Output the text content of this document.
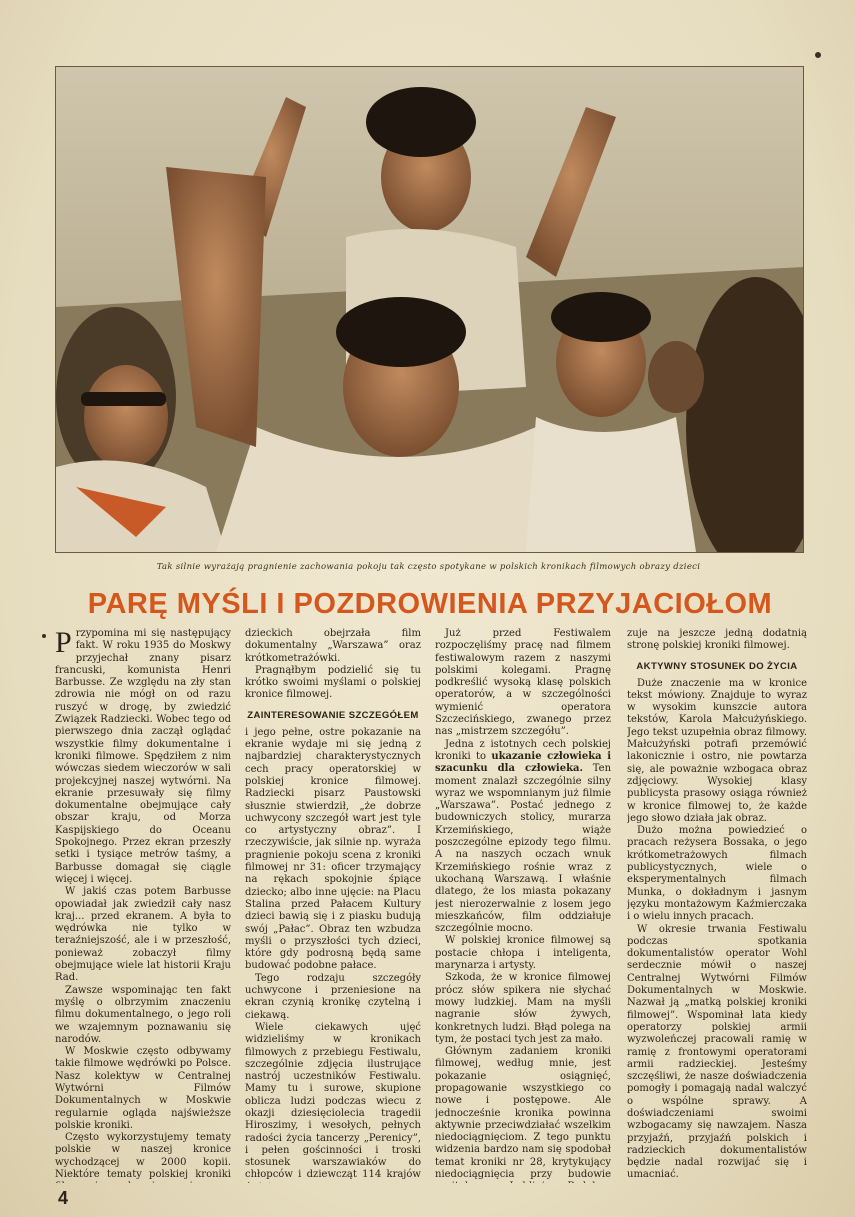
Tak silnie wyrażają pragnienie zachowania pokoju tak często spotykane w polskich kronikach filmowych obrazy dzieci
PARĘ MYŚLI I POZDROWIENIA PRZYJACIOŁOM

Przypomina mi się następujący fakt. W roku 1935 do Moskwy przyjechał znany pisarz francuski, komunista Henri Barbusse. Ze względu na zły stan zdrowia nie mógł on od razu ruszyć w drogę, by zwiedzić Związek Radziecki. Wobec tego od pierwszego dnia zaczął oglądać wszystkie filmy dokumentalne i kroniki filmowe. Spędziłem z nim wówczas siedem wieczorów w sali projekcyjnej naszej wytwórni. Na ekranie przesuwały się filmy dokumentalne obejmujące cały obszar kraju, od Morza Kaspijskiego do Oceanu Spokojnego. Przez ekran przeszły setki i tysiące metrów taśmy, a Barbusse domagał się ciągle więcej i więcej.

W jakiś czas potem Barbusse opowiadał jak zwiedził cały nasz kraj... przed ekranem. A była to wędrówka nie tylko w teraźniejszość, ale i w przeszłość, ponieważ zobaczył filmy obejmujące wiele lat historii Kraju Rad.

Zawsze wspominając ten fakt myślę o olbrzymim znaczeniu filmu dokumentalnego, o jego roli we wzajemnym poznawaniu się narodów.

W Moskwie często odbywamy takie filmowe wędrówki po Polsce. Nasz kolektyw w Centralnej Wytwórni Filmów Dokumentalnych w Moskwie regularnie ogląda najświeższe polskie kroniki.

Często wykorzystujemy tematy polskie w naszej kronice wychodzącej w 2000 kopii. Niektóre tematy polskiej kroniki

dzieckich obejrzała film dokumentalny „Warszawa” oraz krótkometrażówki.

Pragnąłbym podzielić się tu krótko swoimi myślami o polskiej kronice filmowej.

ZAINTERESOWANIE SZCZEGÓŁEM

i jego pełne, ostre pokazanie na ekranie wydaje mi się jedną z najbardziej charakterystycznych cech pracy operatorskiej w polskiej kronice filmowej. Radziecki pisarz Paustowski słusznie stwierdził, „że dobrze uchwycony szczegół wart jest tyle co artystyczny obraz”. I rzeczywiście, jak silnie np. wyraża pragnienie pokoju scena z kroniki filmowej nr 31: oficer trzymający na rękach spokojnie śpiące dziecko; albo inne ujęcie: na Placu Stalina przed Pałacem Kultury dzieci bawią się i z piasku budują swój „Pałac”. Obraz ten wzbudza myśli o przyszłości tych dzieci, które gdy podrosną będą same budować podobne pałace.

Tego rodzaju szczegóły uchwycone i przeniesione na ekran czynią kronikę czytelną i ciekawą.

Wiele ciekawych ujęć widzieliśmy w kronikach filmowych z przebiegu Festiwalu, szczególnie zdjęcia ilustrujące nastrój uczestników Festiwalu. Mamy tu i surowe, skupione oblicza ludzi podczas wiecu z okazji dziesięciolecia tragedii Hiroszimy, i wesołych, pełnych radości życia tancerzy „Perenicy”, i pełen gościnności i troski stosunek warszawiaków do chłopców i dziewcząt 114 krajów

Już przed Festiwalem rozpoczęliśmy pracę nad filmem festiwalowym razem z naszymi polskimi kolegami. Pragnę podkreślić wysoką klasę polskich operatorów, a w szczególności wymienić operatora Szczecińskiego, zwanego przez nas „mistrzem szczegółu”.

Jedna z istotnych cech polskiej kroniki to ukazanie człowieka i szacunku dla człowieka. Ten moment znalazł szczególnie silny wyraz we wspomnianym już filmie „Warszawa”. Postać jednego z budowniczych stolicy, murarza Krzemińskiego, wiąże poszczególne epizody tego filmu. A na naszych oczach wnuk Krzemińskiego rośnie wraz z ukochaną Warszawą. I właśnie dlatego, że los miasta pokazany jest nierozerwalnie z losem jego mieszkańców, film oddziałuje szczególnie mocno.

W polskiej kronice filmowej są postacie chłopa i inteligenta, marynarza i artysty.

Szkoda, że w kronice filmowej prócz słów spikera nie słychać mowy ludzkiej. Mam na myśli nagranie słów żywych, konkretnych ludzi. Błąd polega na tym, że postaci tych jest za mało.

Głównym zadaniem kroniki filmowej, według mnie, jest pokazanie osiągnięć, propagowanie wszystkiego co nowe i postępowe. Ale jednocześnie kronika powinna aktywnie przeciwdziałać wszelkim niedociągnięciom. Z tego punktu widzenia bardzo nam się spodobał temat kroniki nr 28, krytykujący niedociągnięcia przy budowie

zuje na jeszcze jedną dodatnią stronę polskiej kroniki filmowej.

AKTYWNY STOSUNEK DO ŻYCIA

Duże znaczenie ma w kronice tekst mówiony. Znajduje to wyraz w wysokim kunszcie autora tekstów, Karola Małcużyńskiego. Jego tekst uzupełnia obraz filmowy. Małcużyński potrafi przemówić lakonicznie i ostro, nie powtarza się, ale poważnie wzbogaca obraz zdjęciowy. Wysokiej klasy publicysta prasowy osiąga również w kronice filmowej to, że każde jego słowo działa jak obraz.

Dużo można powiedzieć o pracach reżysera Bossaka, o jego krótkometrażowych filmach publicystycznych, wiele o eksperymentalnych filmach Munka, o dokładnym i jasnym języku montażowym Kaźmierczaka i o wielu innych pracach.

W okresie trwania Festiwalu podczas spotkania dokumentalistów operator Wohl serdecznie mówił o naszej Centralnej Wytwórni Filmów Dokumentalnych w Moskwie. Nazwał ją „matką polskiej kroniki filmowej”. Wspominał lata kiedy operatorzy polskiej armii wyzwoleńczej pracowali ramię w ramię z frontowymi operatorami armii radzieckiej. Jesteśmy szczęśliwi, że nasze doświadczenia pomogły i pomagają nadal walczyć o wspólne sprawy. A doświadczeniami swoimi wzbogacamy się nawzajem. Nasza przyjaźń, przyjaźń polskich i radzieckich dokumentalistów będzie nadal rozwijać się i umacniać.

4
